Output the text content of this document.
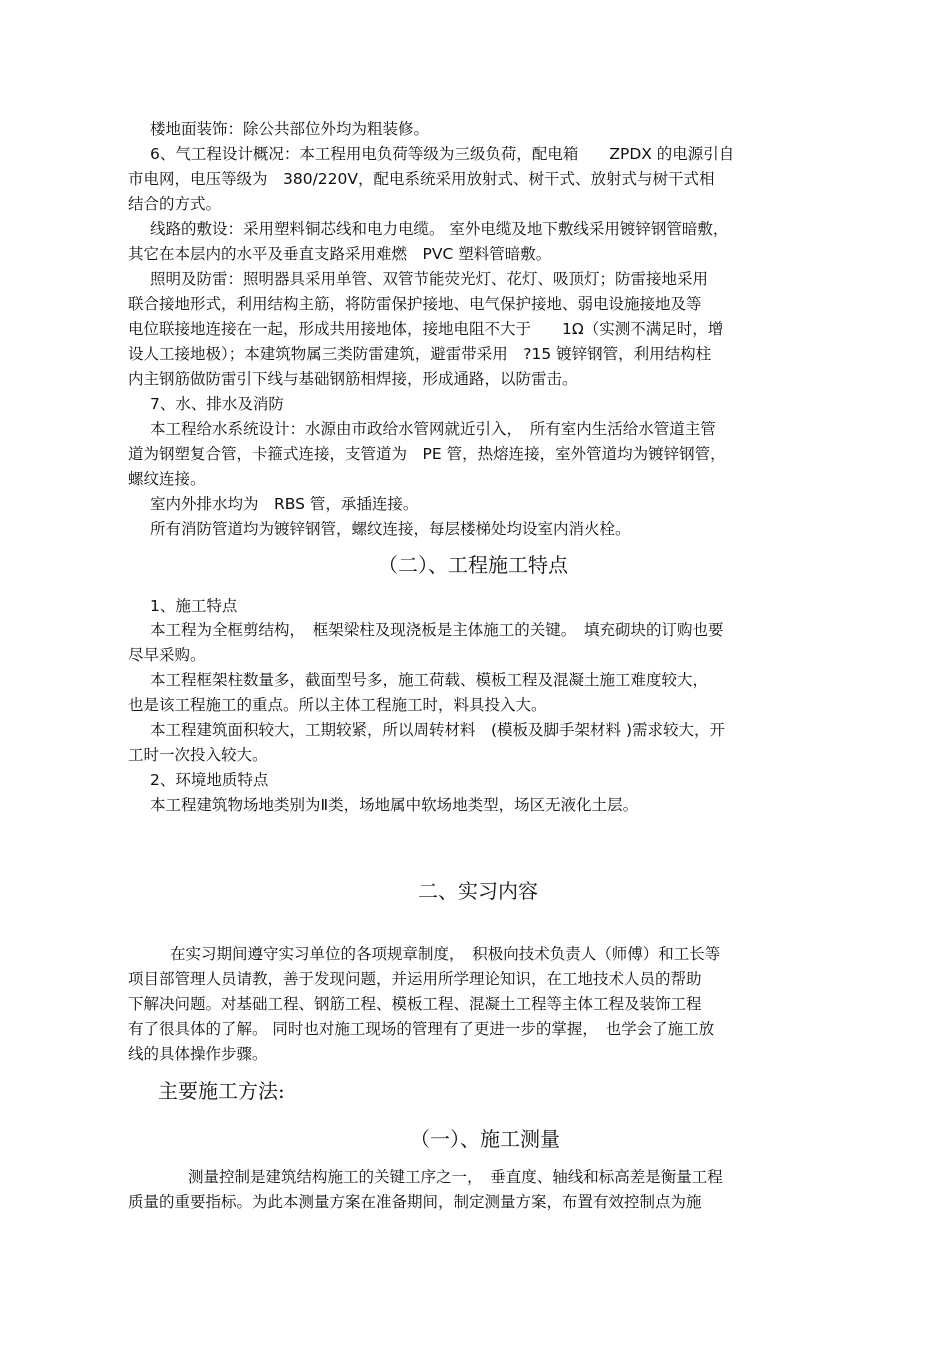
楼地面装饰：除公共部位外均为粗装修。
6、气工程设计概况：本工程用电负荷等级为三级负荷，配电箱　　ZPDX 的电源引自
市电网，电压等级为　380/220V，配电系统采用放射式、树干式、放射式与树干式相
结合的方式。
线路的敷设：采用塑料铜芯线和电力电缆。 室外电缆及地下敷线采用镀锌钢管暗敷，
其它在本层内的水平及垂直支路采用难燃　PVC 塑料管暗敷。
照明及防雷：照明器具采用单管、双管节能荧光灯、花灯、吸顶灯；防雷接地采用
联合接地形式，利用结构主筋，将防雷保护接地、电气保护接地、弱电设施接地及等
电位联接地连接在一起，形成共用接地体，接地电阻不大于　　1Ω（实测不满足时，增
设人工接地极）；本建筑物属三类防雷建筑，避雷带采用　?15 镀锌钢管，利用结构柱
内主钢筋做防雷引下线与基础钢筋相焊接，形成通路，以防雷击。
7、水、排水及消防
本工程给水系统设计：水源由市政给水管网就近引入，　所有室内生活给水管道主管
道为钢塑复合管，卡箍式连接，支管道为　PE 管，热熔连接，室外管道均为镀锌钢管，
螺纹连接。
室内外排水均为　RBS 管，承插连接。
所有消防管道均为镀锌钢管，螺纹连接，每层楼梯处均设室内消火栓。
（二）、工程施工特点
1、施工特点
本工程为全框剪结构，　框架梁柱及现浇板是主体施工的关键。　填充砌块的订购也要
尽早采购。
本工程框架柱数量多，截面型号多，施工荷载、模板工程及混凝土施工难度较大，
也是该工程施工的重点。所以主体工程施工时，料具投入大。
本工程建筑面积较大，工期较紧，所以周转材料　(模板及脚手架材料 )需求较大，开
工时一次投入较大。
2、环境地质特点
本工程建筑物场地类别为Ⅱ类，场地属中软场地类型，场区无液化土层。
二、实习内容
在实习期间遵守实习单位的各项规章制度，　积极向技术负责人（师傅）和工长等
项目部管理人员请教，善于发现问题，并运用所学理论知识，在工地技术人员的帮助
下解决问题。对基础工程、钢筋工程、模板工程、混凝土工程等主体工程及装饰工程
有了很具体的了解。 同时也对施工现场的管理有了更进一步的掌握，　也学会了施工放
线的具体操作步骤。
主要施工方法:
（一）、施工测量
测量控制是建筑结构施工的关键工序之一，　垂直度、轴线和标高差是衡量工程
质量的重要指标。为此本测量方案在准备期间，制定测量方案，布置有效控制点为施
